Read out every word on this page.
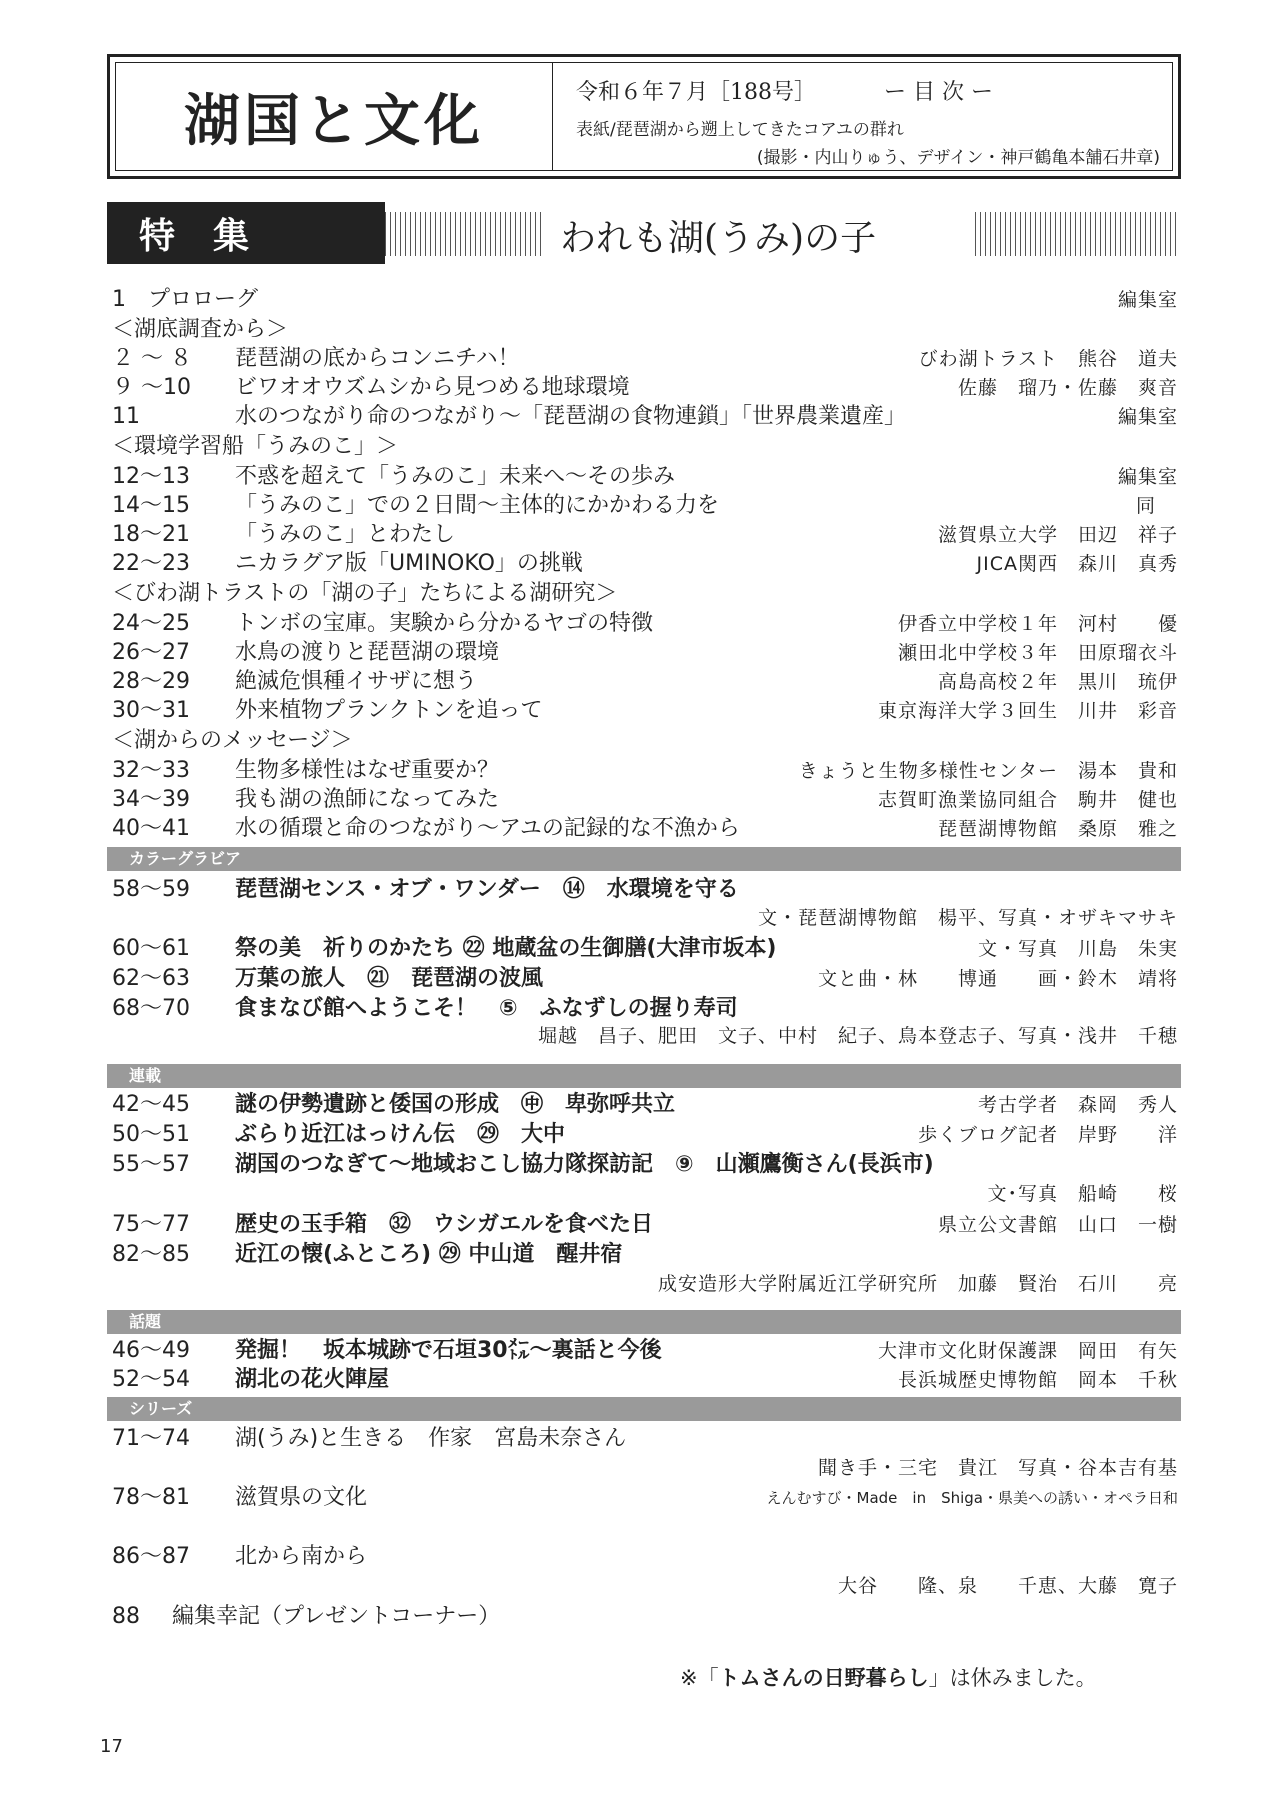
湖国と文化	令和６年７月［188号］	ー 目 次 ー
表紙/琵琶湖から遡上してきたコアユの群れ
(撮影・内山りゅう、デザイン・神戸鶴亀本舗石井章)
特集	われも湖(うみ)の子
1　プロローグ	編集室
＜湖底調査から＞
２ ～ ８ 琵琶湖の底からコンニチハ！	びわ湖トラスト　熊谷　道夫
９ ～10 ビワオオウズムシから見つめる地球環境	佐藤　瑠乃・佐藤　爽音
11	水のつながり命のつながり～「琵琶湖の食物連鎖」「世界農業遺産」	編集室
＜環境学習船「うみのこ」＞
12～13 不惑を超えて「うみのこ」未来へ～その歩み	編集室
14～15 「うみのこ」での２日間～主体的にかかわる力を	同
18～21 「うみのこ」とわたし	滋賀県立大学　田辺　祥子
22～23 ニカラグア版「UMINOKO」の挑戦	JICA関西　森川　真秀
＜びわ湖トラストの「湖の子」たちによる湖研究＞
24～25 トンボの宝庫。実験から分かるヤゴの特徴	伊香立中学校１年　河村　　優
26～27 水鳥の渡りと琵琶湖の環境	瀬田北中学校３年　田原瑠衣斗
28～29 絶滅危惧種イサザに想う	高島高校２年　黒川　琉伊
30～31 外来植物プランクトンを追って	東京海洋大学３回生　川井　彩音
＜湖からのメッセージ＞
32～33 生物多様性はなぜ重要か？	きょうと生物多様性センター　湯本　貴和
34～39 我も湖の漁師になってみた	志賀町漁業協同組合　駒井　健也
40～41 水の循環と命のつながり～アユの記録的な不漁から	琵琶湖博物館　桑原　雅之
カラーグラビア
58～59 琵琶湖センス・オブ・ワンダー　⑭　水環境を守る
文・琵琶湖博物館　楊平、写真・オザキマサキ
60～61 祭の美　祈りのかたち ㉒ 地蔵盆の生御膳(大津市坂本)	文・写真　川島　朱実
62～63 万葉の旅人　㉑　琵琶湖の波風	文と曲・林　　博通　　画・鈴木　靖将
68～70 食まなび館へようこそ！　⑤　ふなずしの握り寿司
堀越　昌子、肥田　文子、中村　紀子、鳥本登志子、写真・浅井　千穂
連載
42～45 謎の伊勢遺跡と倭国の形成　㊥　卑弥呼共立	考古学者　森岡　秀人
50～51 ぶらり近江はっけん伝　㉙　大中	歩くブログ記者　岸野　　洋
55～57 湖国のつなぎて～地域おこし協力隊探訪記　⑨　山瀬鷹衡さん(長浜市)
文･写真　船崎　　桜
75～77 歴史の玉手箱　㉜　ウシガエルを食べた日	県立公文書館　山口　一樹
82～85 近江の懐(ふところ) ㉙ 中山道　醒井宿
成安造形大学附属近江学研究所　加藤　賢治　石川　　亮
話題
46～49 発掘！　坂本城跡で石垣30㍍～裏話と今後	大津市文化財保護課　岡田　有矢
52～54 湖北の花火陣屋	長浜城歴史博物館　岡本　千秋
シリーズ
71～74 湖(うみ)と生きる　作家　宮島未奈さん
聞き手・三宅　貴江　写真・谷本吉有基
78～81 滋賀県の文化	えんむすび・Made　in　Shiga・県美への誘い・オペラ日和
86～87 北から南から
大谷　　隆、泉　　千恵、大藤　寛子
88 編集幸記（プレゼントコーナー）
※「トムさんの日野暮らし」は休みました。
17
